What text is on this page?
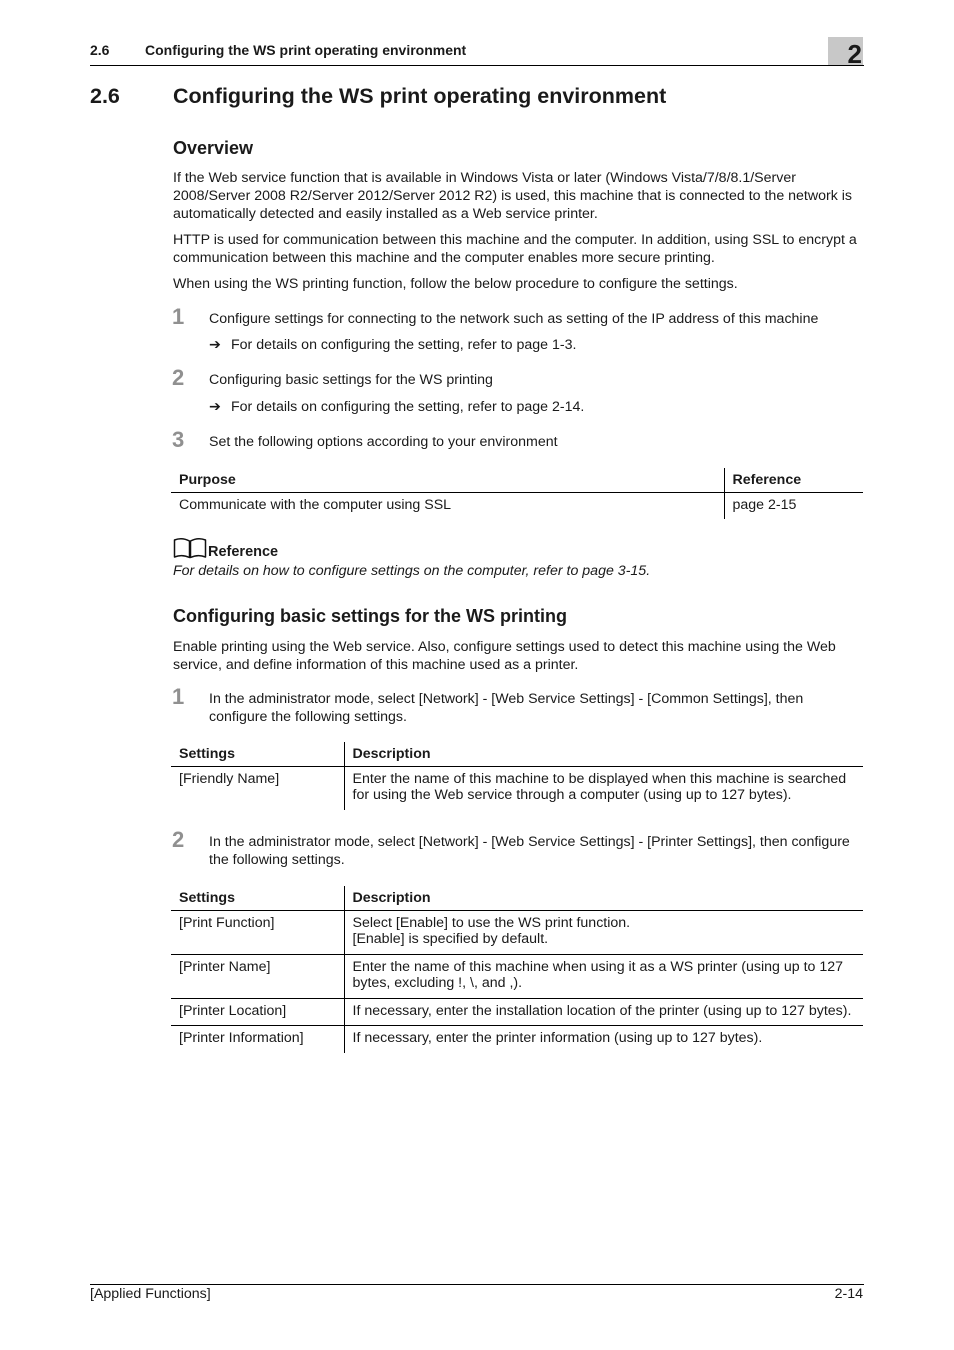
2.6	Configuring the WS print operating environment	2
2.6 Configuring the WS print operating environment
Overview
If the Web service function that is available in Windows Vista or later (Windows Vista/7/8/8.1/Server 2008/Server 2008 R2/Server 2012/Server 2012 R2) is used, this machine that is connected to the network is automatically detected and easily installed as a Web service printer.
HTTP is used for communication between this machine and the computer. In addition, using SSL to encrypt a communication between this machine and the computer enables more secure printing.
When using the WS printing function, follow the below procedure to configure the settings.
1 Configure settings for connecting to the network such as setting of the IP address of this machine
➔ For details on configuring the setting, refer to page 1-3.
2 Configuring basic settings for the WS printing
➔ For details on configuring the setting, refer to page 2-14.
3 Set the following options according to your environment
Purpose	Reference
Communicate with the computer using SSL	page 2-15
Reference
For details on how to configure settings on the computer, refer to page 3-15.
Configuring basic settings for the WS printing
Enable printing using the Web service. Also, configure settings used to detect this machine using the Web service, and define information of this machine used as a printer.
1 In the administrator mode, select [Network] - [Web Service Settings] - [Common Settings], then configure the following settings.
Settings	Description
[Friendly Name]	Enter the name of this machine to be displayed when this machine is searched for using the Web service through a computer (using up to 127 bytes).
2 In the administrator mode, select [Network] - [Web Service Settings] - [Printer Settings], then configure the following settings.
Settings	Description
[Print Function]	Select [Enable] to use the WS print function.
[Enable] is specified by default.

[Printer Name]	Enter the name of this machine when using it as a WS printer (using up to 127 bytes, excluding !, \, and ,).
[Printer Location]	If necessary, enter the installation location of the printer (using up to 127 bytes).
[Printer Information]	If necessary, enter the printer information (using up to 127 bytes).
[Applied Functions]	2-14
